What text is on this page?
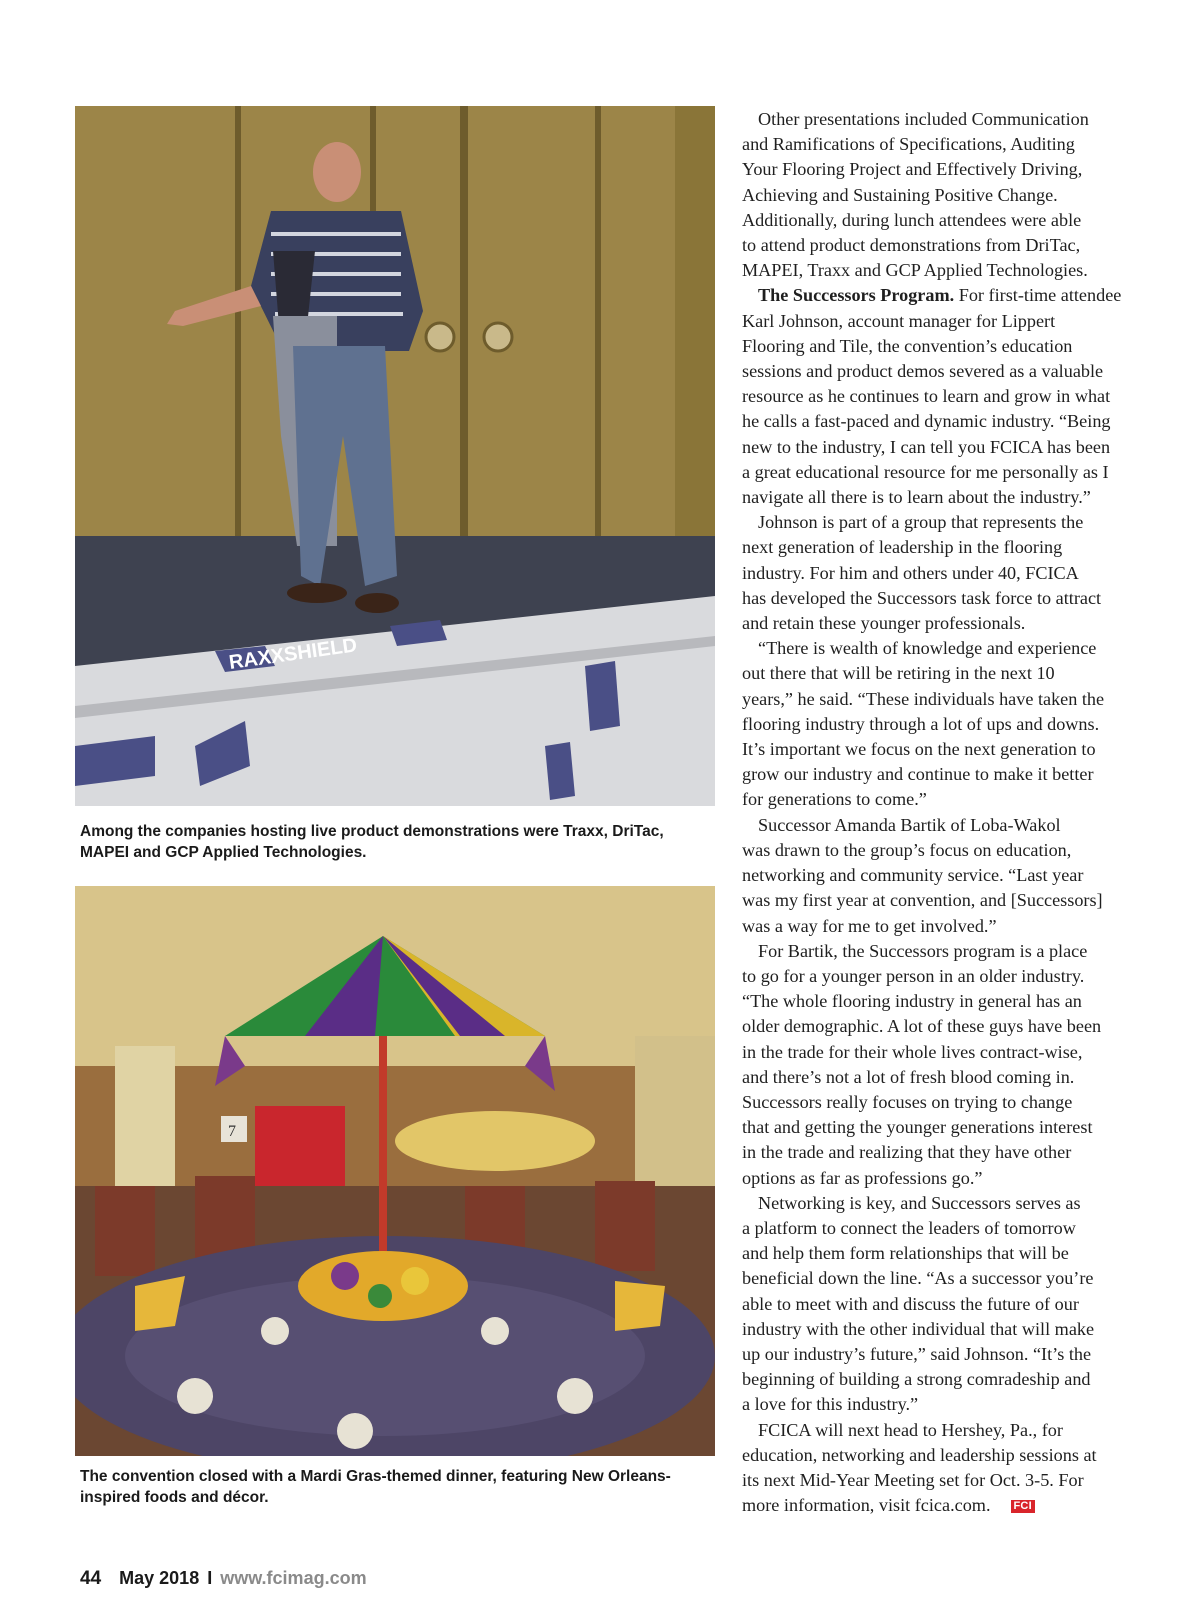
RAXXSHIELD
Among the companies hosting live product demonstrations were Traxx, DriTac, MAPEI and GCP Applied Technologies.
7
The convention closed with a Mardi Gras-themed dinner, featuring New Orleans-inspired foods and décor.
Other presentations included Communication
and Ramifications of Specifications, Auditing
Your Flooring Project and Effectively Driving,
Achieving and Sustaining Positive Change.
Additionally, during lunch attendees were able
to attend product demonstrations from DriTac,
MAPEI, Traxx and GCP Applied Technologies.
The Successors Program. For first-time attendee
Karl Johnson, account manager for Lippert
Flooring and Tile, the convention’s education
sessions and product demos severed as a valuable
resource as he continues to learn and grow in what
he calls a fast-paced and dynamic industry. “Being
new to the industry, I can tell you FCICA has been
a great educational resource for me personally as I
navigate all there is to learn about the industry.”
Johnson is part of a group that represents the
next generation of leadership in the flooring
industry. For him and others under 40, FCICA
has developed the Successors task force to attract
and retain these younger professionals.
“There is wealth of knowledge and experience
out there that will be retiring in the next 10
years,” he said. “These individuals have taken the
flooring industry through a lot of ups and downs.
It’s important we focus on the next generation to
grow our industry and continue to make it better
for generations to come.”
Successor Amanda Bartik of Loba-Wakol
was drawn to the group’s focus on education,
networking and community service. “Last year
was my first year at convention, and [Successors]
was a way for me to get involved.”
For Bartik, the Successors program is a place
to go for a younger person in an older industry.
“The whole flooring industry in general has an
older demographic. A lot of these guys have been
in the trade for their whole lives contract-wise,
and there’s not a lot of fresh blood coming in.
Successors really focuses on trying to change
that and getting the younger generations interest
in the trade and realizing that they have other
options as far as professions go.”
Networking is key, and Successors serves as
a platform to connect the leaders of tomorrow
and help them form relationships that will be
beneficial down the line. “As a successor you’re
able to meet with and discuss the future of our
industry with the other individual that will make
up our industry’s future,” said Johnson. “It’s the
beginning of building a strong comradeship and
a love for this industry.”
FCICA will next head to Hershey, Pa., for
education, networking and leadership sessions at
its next Mid-Year Meeting set for Oct. 3-5. For
more information, visit fcica.com. FCI
44 May 2018 I www.fcimag.com
